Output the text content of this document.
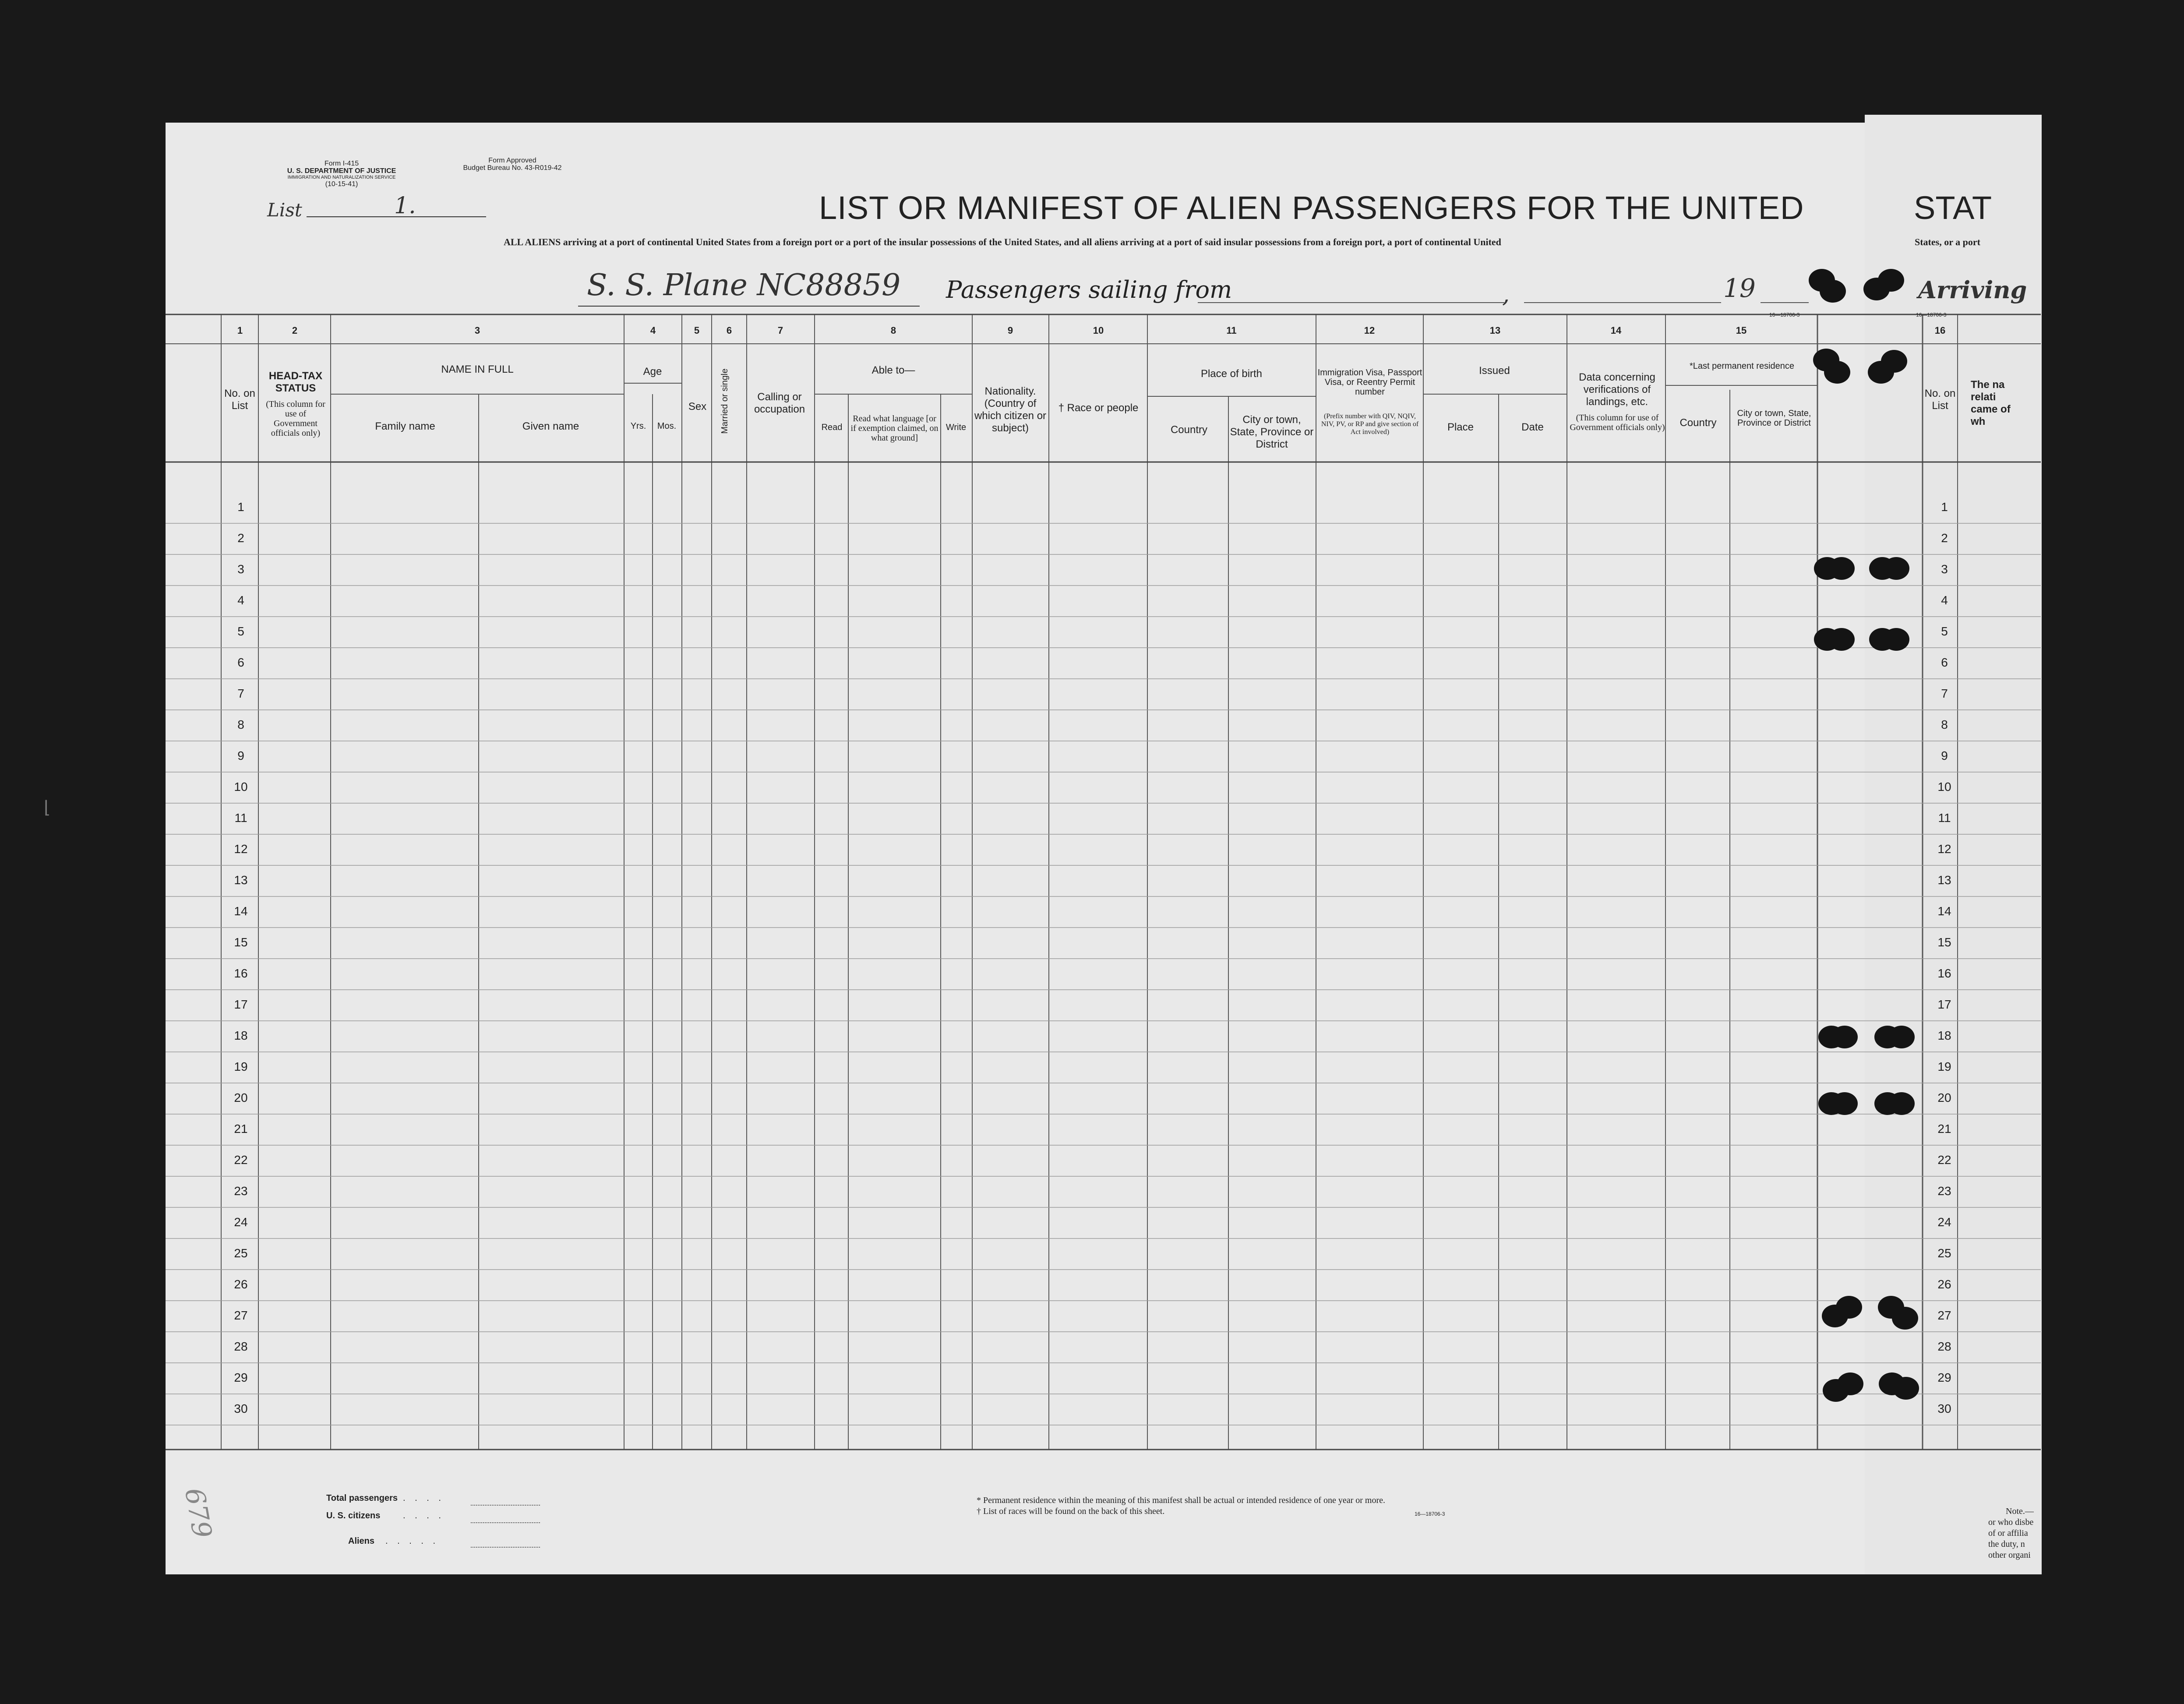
Form I-415
U. S. DEPARTMENT OF JUSTICE
IMMIGRATION AND NATURALIZATION SERVICE
(10-15-41)
Form Approved
Budget Bureau No. 43-R019-42
List	1.	LIST OR MANIFEST OF ALIEN PASSENGERS FOR THE UNITED	STAT
ALL ALIENS arriving at a port of continental United States from a foreign port or a port of the insular possessions of the United States, and all aliens arriving at a port of said insular possessions from a foreign port, a port of continental United	States, or a port
S. S. Plane NC88859 Passengers sailing from	,	19	Arriving
16—18706-3	16—18706-3
1	2	3	4	5	6	7	8	9	10	11	12	13	14	15	16
No. on List
HEAD-TAX STATUS
(This column for use of Government officials only)
NAME IN FULL
Family name	Given name
Age
Yrs.	Mos.
Sex	Married or single	Calling or occupation
Able to—
Read
Read what language [or if exemption claimed, on what ground]
Write
Nationality. (Country of which citizen or subject)
† Race or people
Place of birth
Country
City or town, State, Province or District
Immigration Visa, Passport Visa, or Reentry Permit number
(Prefix number with QIV, NQIV, NIV, PV, or RP and give section of Act involved)
Issued
Place	Date
Data concerning verifications of landings, etc.
(This column for use of Government officials only)
*Last permanent residence
Country
City or town, State, Province or District
No. on List
The na relati came of wh
1	1
2	2
3	3
4	4
5	5
6	6
7	7
8	8
9	9
10	10
11	11
12	12
13	13
14	14
15	15
16	16
17	17
18	18
19	19
20	20
21	21
22	22
23	23
24	24
25	25
26	26
27	27
28	28
29	29
30	30
Total passengers . . . .
U. S. citizens	. . . .
Aliens . . . . .
* Permanent residence within the meaning of this manifest shall be actual or intended residence of one year or more.
† List of races will be found on the back of this sheet.	16—18706-3	Note.—
or who disbe
of or affilia
the duty, n
other organi
679
⌊
